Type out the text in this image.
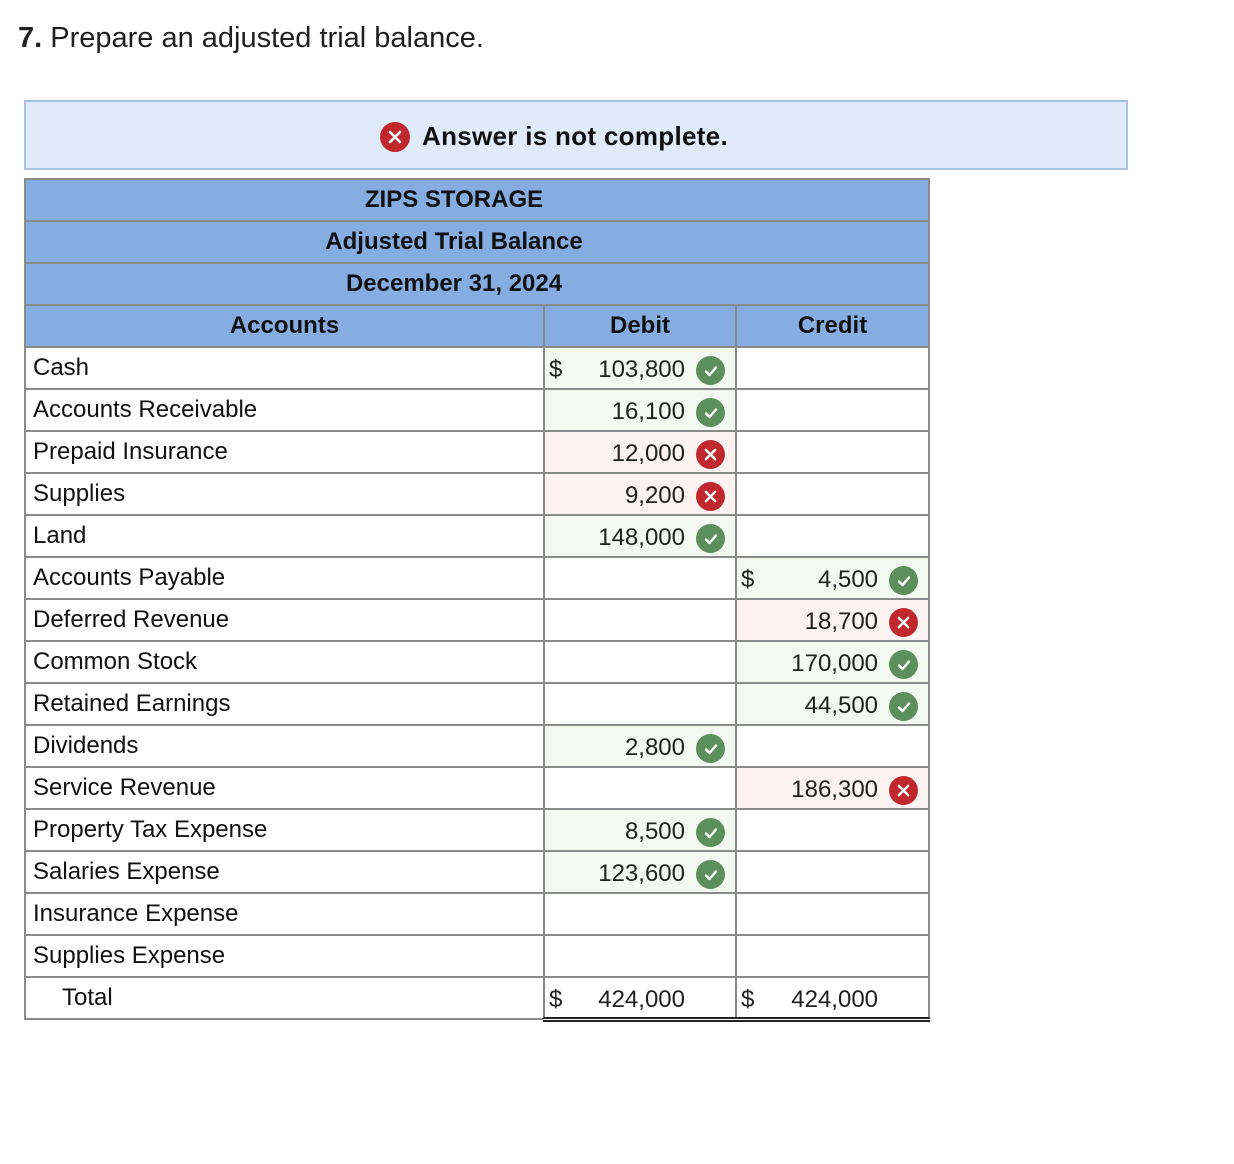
7. Prepare an adjusted trial balance.
Answer is not complete.
ZIPS STORAGE		
Adjusted Trial Balance		
December 31, 2024		
Accounts	Debit	Credit
Cash	$ 103,800	

Accounts Receivable	16,100	

Prepaid Insurance	12,000	

Supplies	9,200	

Land	148,000	

Accounts Payable		$ 4,500

Deferred Revenue		18,700

Common Stock		170,000

Retained Earnings		44,500

Dividends	2,800	

Service Revenue		186,300

Property Tax Expense	8,500	

Salaries Expense	123,600	

Insurance Expense		
Supplies Expense		
Total	$ 424,000	$ 424,000
